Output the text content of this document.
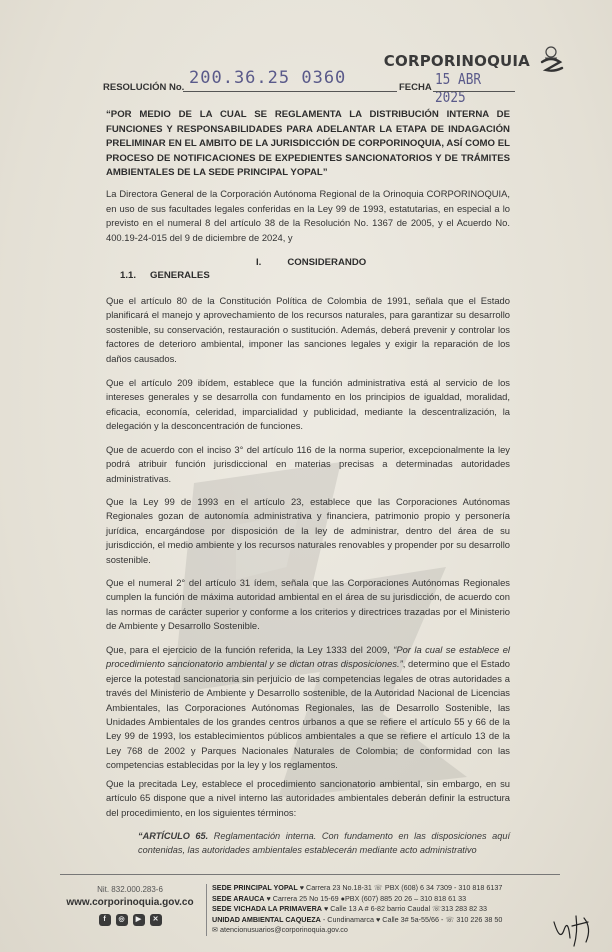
CORPORINOQUIA
RESOLUCIÓN No. 200.36.25 0360	FECHA 15 ABR 2025
“POR MEDIO DE LA CUAL SE REGLAMENTA LA DISTRIBUCIÓN INTERNA DE FUNCIONES Y RESPONSABILIDADES PARA ADELANTAR LA ETAPA DE INDAGACIÓN PRELIMINAR EN EL AMBITO DE LA JURISDICCIÓN DE CORPORINOQUIA, ASÍ COMO EL PROCESO DE NOTIFICACIONES DE EXPEDIENTES SANCIONATORIOS Y DE TRÁMITES AMBIENTALES DE LA SEDE PRINCIPAL YOPAL”
La Directora General de la Corporación Autónoma Regional de la Orinoquia CORPORINOQUIA, en uso de sus facultades legales conferidas en la Ley 99 de 1993, estatutarias, en especial a lo previsto en el numeral 8 del artículo 38 de la Resolución No. 1367 de 2005, y el Acuerdo No. 400.19-24-015 del 9 de diciembre de 2024, y
I.	CONSIDERANDO
1.1. GENERALES

Que el artículo 80 de la Constitución Política de Colombia de 1991, señala que el Estado planificará el manejo y aprovechamiento de los recursos naturales, para garantizar su desarrollo sostenible, su conservación, restauración o sustitución. Además, deberá prevenir y controlar los factores de deterioro ambiental, imponer las sanciones legales y exigir la reparación de los daños causados.

Que el artículo 209 ibídem, establece que la función administrativa está al servicio de los intereses generales y se desarrolla con fundamento en los principios de igualdad, moralidad, eficacia, economía, celeridad, imparcialidad y publicidad, mediante la descentralización, la delegación y la desconcentración de funciones.

Que de acuerdo con el inciso 3° del artículo 116 de la norma superior, excepcionalmente la ley podrá atribuir función jurisdiccional en materias precisas a determinadas autoridades administrativas.

Que la Ley 99 de 1993 en el artículo 23, establece que las Corporaciones Autónomas Regionales gozan de autonomía administrativa y financiera, patrimonio propio y personería jurídica, encargándose por disposición de la ley de administrar, dentro del área de su jurisdicción, el medio ambiente y los recursos naturales renovables y propender por su desarrollo sostenible.

Que el numeral 2° del artículo 31 ídem, señala que las Corporaciones Autónomas Regionales cumplen la función de máxima autoridad ambiental en el área de su jurisdicción, de acuerdo con las normas de carácter superior y conforme a los criterios y directrices trazadas por el Ministerio de Ambiente y Desarrollo Sostenible.

Que, para el ejercicio de la función referida, la Ley 1333 del 2009, “Por la cual se establece el procedimiento sancionatorio ambiental y se dictan otras disposiciones.”, determino que el Estado ejerce la potestad sancionatoria sin perjuicio de las competencias legales de otras autoridades a través del Ministerio de Ambiente y Desarrollo sostenible, de la Autoridad Nacional de Licencias Ambientales, las Corporaciones Autónomas Regionales, las de Desarrollo Sostenible, las Unidades Ambientales de los grandes centros urbanos a que se refiere el artículo 55 y 66 de la Ley 99 de 1993, los establecimientos públicos ambientales a que se refiere el artículo 13 de la Ley 768 de 2002 y Parques Nacionales Naturales de Colombia; de conformidad con las competencias establecidas por la ley y los reglamentos.

Que la precitada Ley, establece el procedimiento sancionatorio ambiental, sin embargo, en su artículo 65 dispone que a nivel interno las autoridades ambientales deberán definir la estructura del procedimiento, en los siguientes términos:

“ARTÍCULO 65. Reglamentación interna. Con fundamento en las disposiciones aquí contenidas, las autoridades ambientales establecerán mediante acto administrativo
Nit. 832.000.283-6
www.corporinoquia.gov.co
f	◎	▶	✕
SEDE PRINCIPAL YOPAL ♥ Carrera 23 No.18-31 ☏ PBX (608) 6 34 7309 - 310 818 6137
SEDE ARAUCA ♥ Carrera 25 No 15-69 ●PBX (607) 885 20 26 – 310 818 61 33
SEDE VICHADA LA PRIMAVERA ♥ Calle 13 A # 6-82 barrio Caudal ☏313 283 82 33
UNIDAD AMBIENTAL CAQUEZA - Cundinamarca ♥ Calle 3# 5a-55/66 - ☏ 310 226 38 50
✉ atencionusuarios@corporinoquia.gov.co
